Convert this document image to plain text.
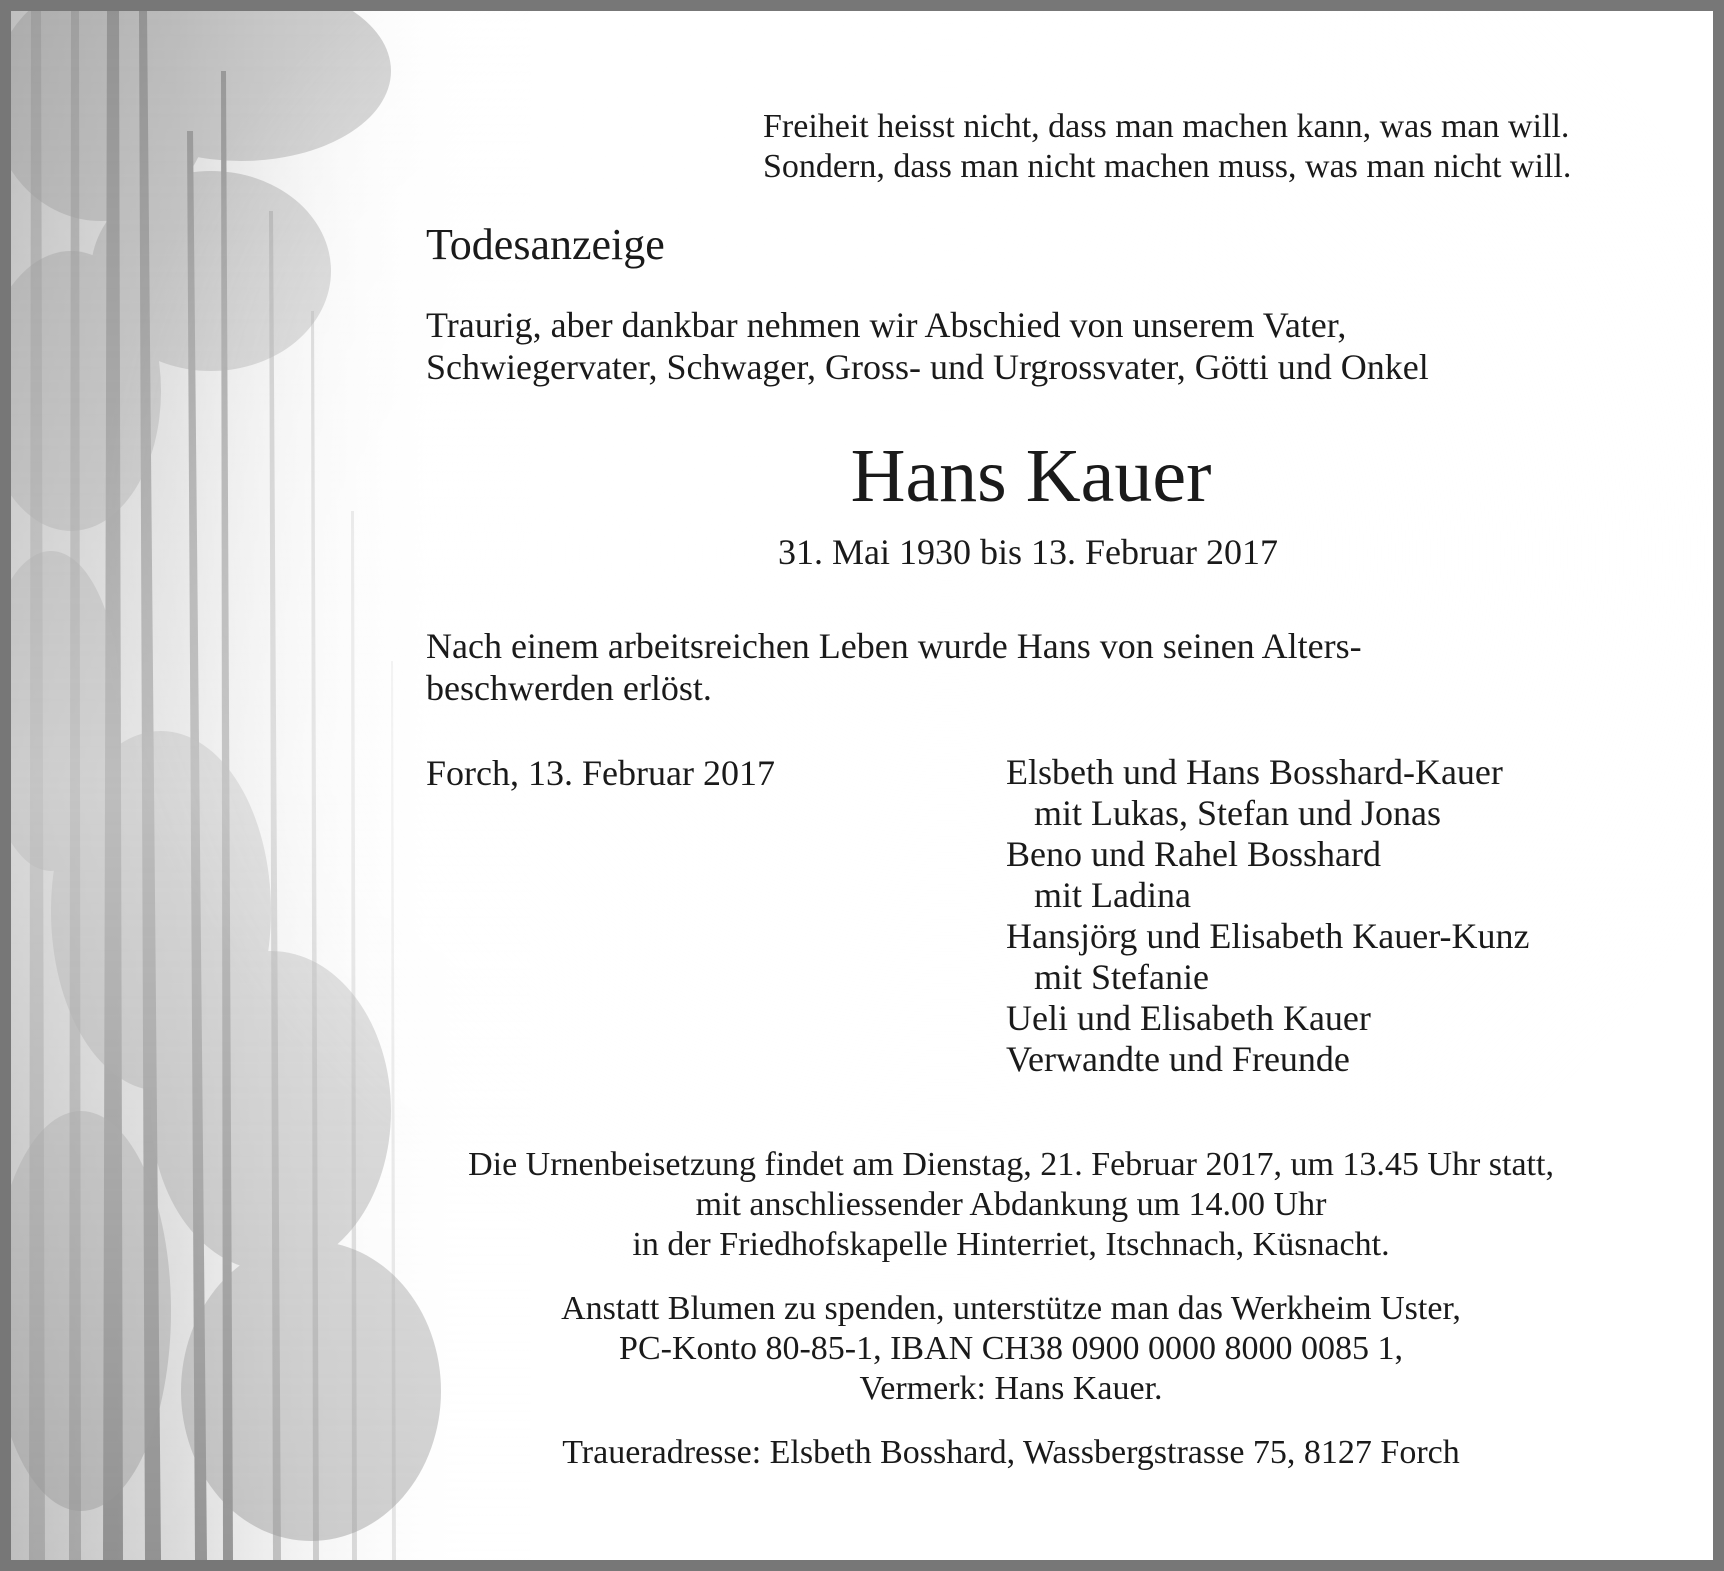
Freiheit heisst nicht, dass man machen kann, was man will.
Sondern, dass man nicht machen muss, was man nicht will.
Todesanzeige
Traurig, aber dankbar nehmen wir Abschied von unserem Vater,
Schwiegervater, Schwager, Gross- und Urgrossvater, Götti und Onkel
Hans Kauer
31. Mai 1930 bis 13. Februar 2017
Nach einem arbeitsreichen Leben wurde Hans von seinen Alters-
beschwerden erlöst.
Forch, 13. Februar 2017	Elsbeth und Hans Bosshard-Kauer
mit Lukas, Stefan und Jonas
Beno und Rahel Bosshard
mit Ladina
Hansjörg und Elisabeth Kauer-Kunz
mit Stefanie
Ueli und Elisabeth Kauer
Verwandte und Freunde
Die Urnenbeisetzung findet am Dienstag, 21. Februar 2017, um 13.45 Uhr statt,
mit anschliessender Abdankung um 14.00 Uhr
in der Friedhofskapelle Hinterriet, Itschnach, Küsnacht.
Anstatt Blumen zu spenden, unterstütze man das Werkheim Uster,
PC-Konto 80-85-1, IBAN CH38 0900 0000 8000 0085 1,
Vermerk: Hans Kauer.
Traueradresse: Elsbeth Bosshard, Wassbergstrasse 75, 8127 Forch
